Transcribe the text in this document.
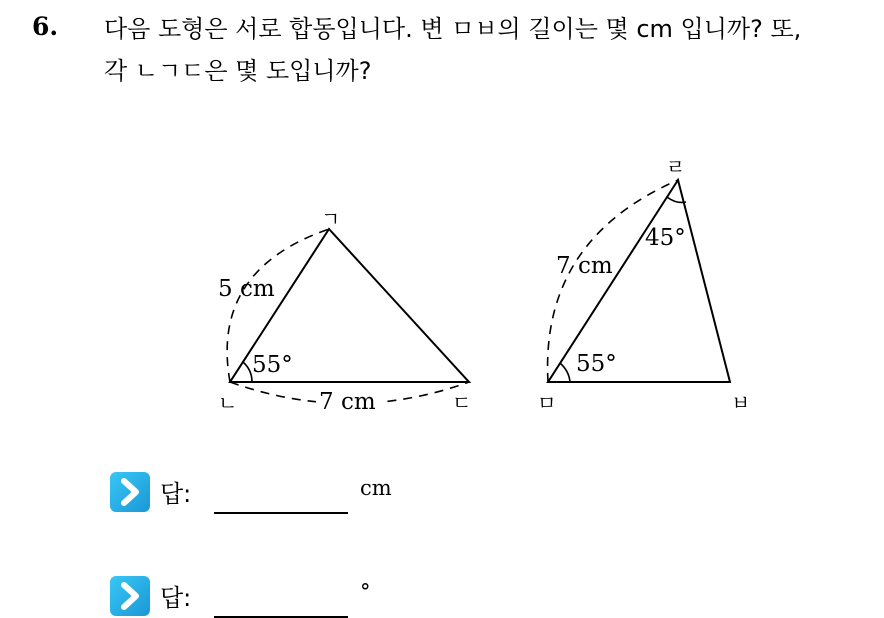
6. 다음 도형은 서로 합동입니다. 변 ㅁㅂ의 길이는 몇 cm 입니까? 또,
각 ㄴㄱㄷ은 몇 도입니까?
ㄱ
ㄴ	ㄷ
5 cm
7 cm
55°
ㄹ
ㅁ	ㅂ
7 cm
45°
55°
답:	cm
답:	°
